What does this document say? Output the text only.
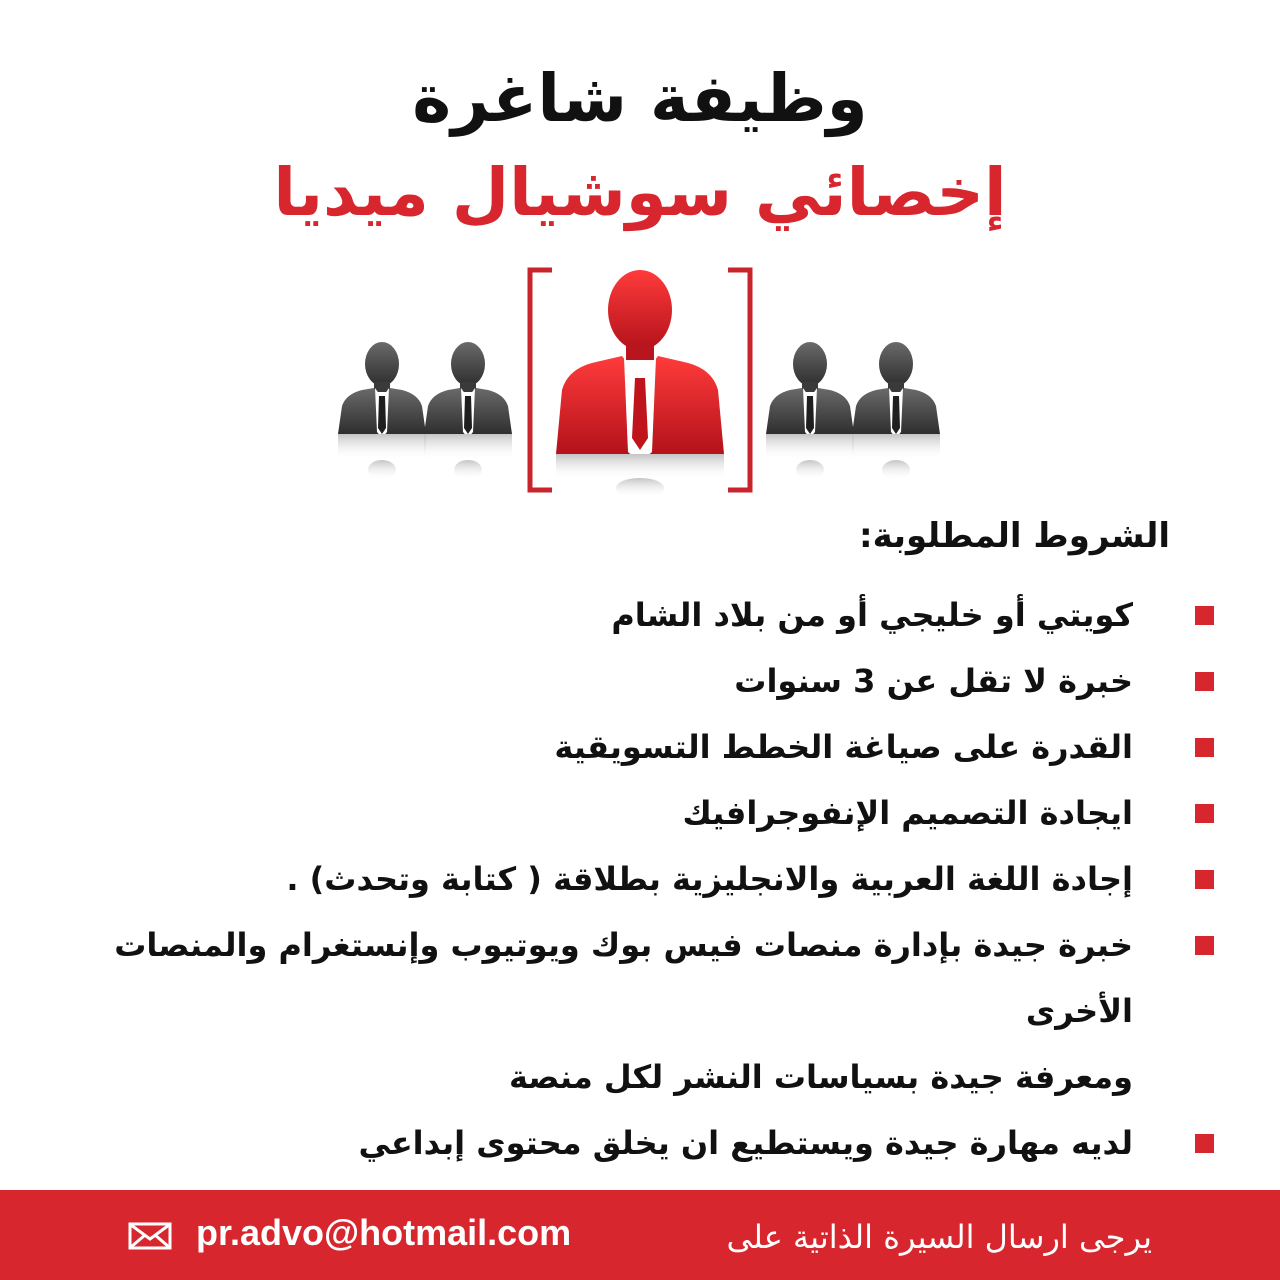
وظيفة شاغرة
إخصائي سوشيال ميديا
الشروط المطلوبة:
كويتي أو خليجي أو من بلاد الشام
خبرة لا تقل عن 3 سنوات
القدرة على صياغة الخطط التسويقية
ايجادة التصميم الإنفوجرافيك
إجادة اللغة العربية والانجليزية بطلاقة ( كتابة وتحدث) .
خبرة جيدة بإدارة منصات فيس بوك ويوتيوب وإنستغرام والمنصات الأخرى
ومعرفة جيدة بسياسات النشر لكل منصة
لديه مهارة جيدة ويستطيع ان يخلق محتوى إبداعي
pr.advo@hotmail.com	يرجى ارسال السيرة الذاتية على
